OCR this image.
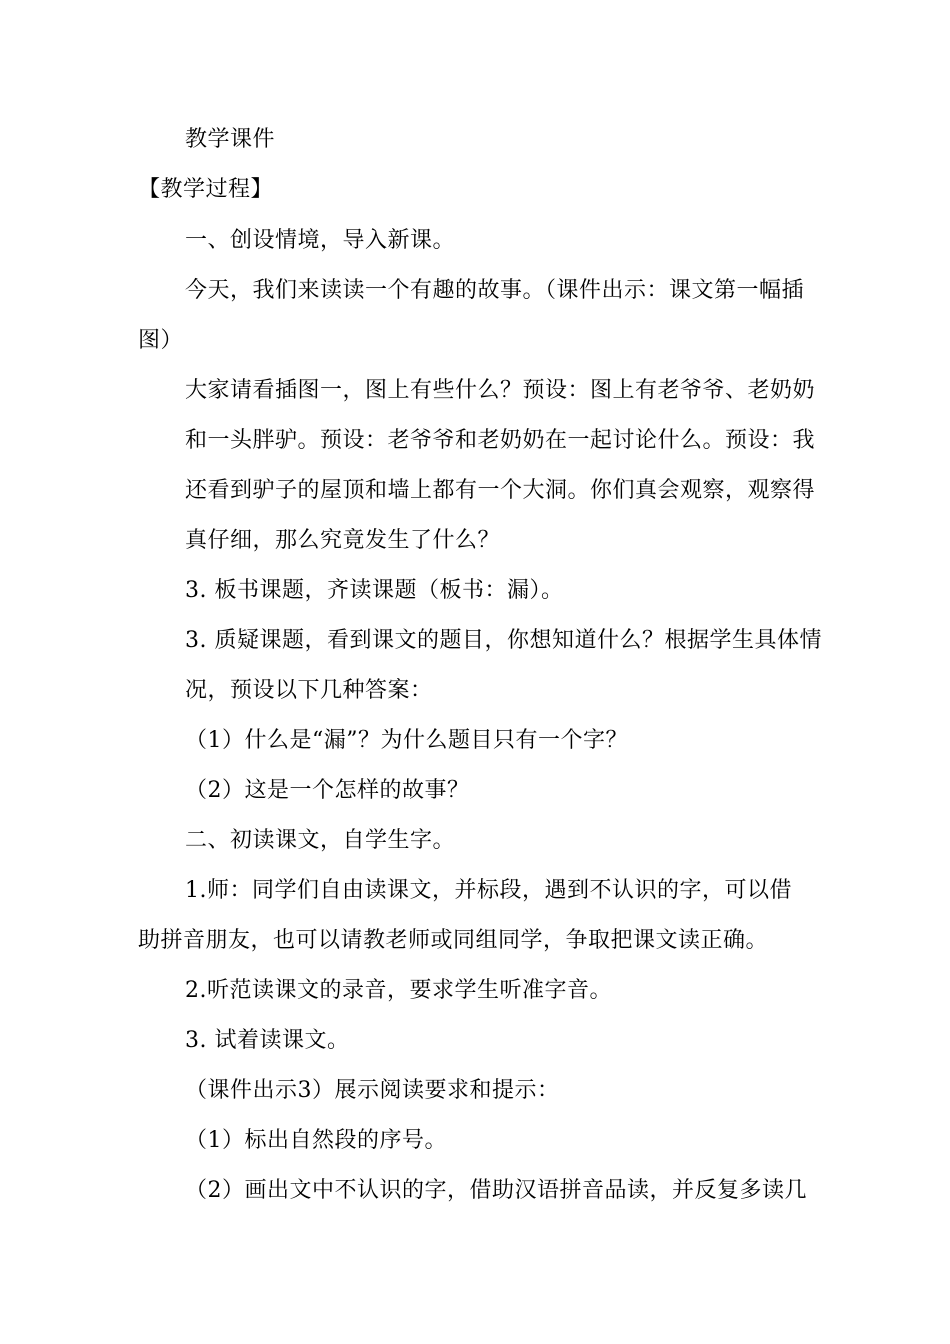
教学课件
【教学过程】
一、创设情境，导入新课。
今天，我们来读读一个有趣的故事。（课件出示：课文第一幅插
图）
大家请看插图一，图上有些什么？预设：图上有老爷爷、老奶奶
和一头胖驴。预设：老爷爷和老奶奶在一起讨论什么。预设：我
还看到驴子的屋顶和墙上都有一个大洞。你们真会观察，观察得
真仔细，那么究竟发生了什么？
3. 板书课题，齐读课题（板书：漏）。
3. 质疑课题，看到课文的题目，你想知道什么？根据学生具体情
况，预设以下几种答案：
（1）什么是“漏”？为什么题目只有一个字？
（2）这是一个怎样的故事？
二、初读课文，自学生字。
1.师：同学们自由读课文，并标段，遇到不认识的字，可以借
助拼音朋友，也可以请教老师或同组同学，争取把课文读正确。
2.听范读课文的录音，要求学生听准字音。
3. 试着读课文。
（课件出示3）展示阅读要求和提示：
（1）标出自然段的序号。
（2）画出文中不认识的字，借助汉语拼音品读，并反复多读几
